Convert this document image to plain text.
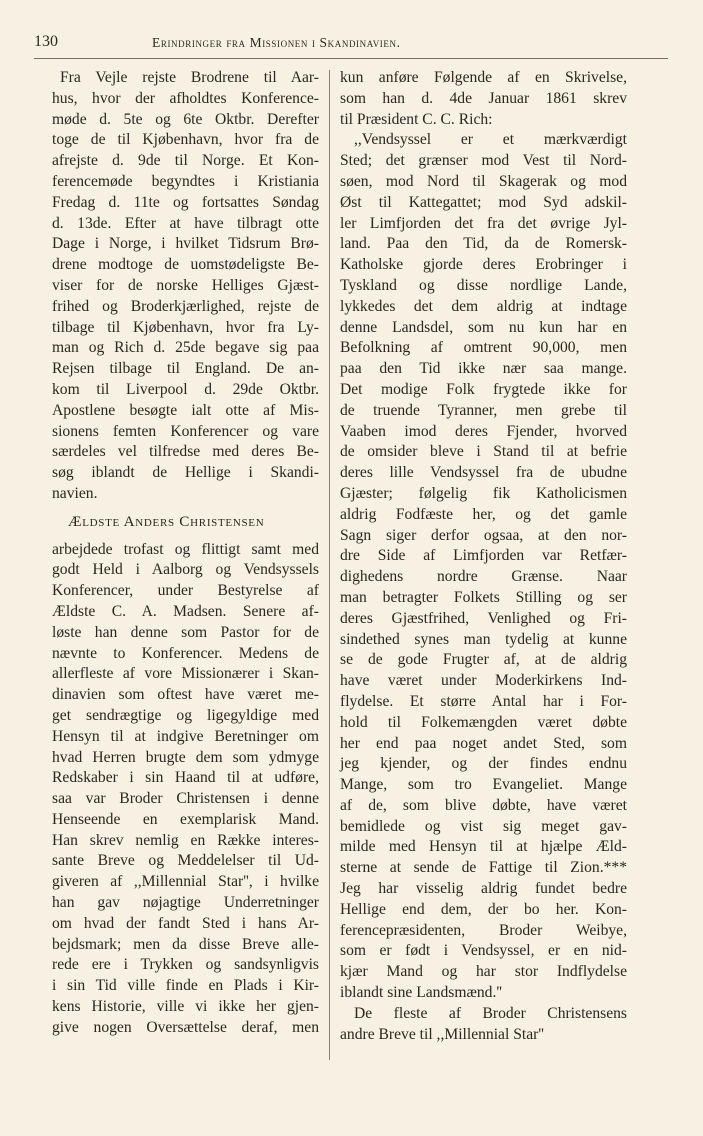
130	Erindringer fra Missionen i Skandinavien.
Fra Vejle rejste Brodrene til Aar-
hus, hvor der afholdtes Konference-
møde d. 5te og 6te Oktbr. Derefter
toge de til Kjøbenhavn, hvor fra de
afrejste d. 9de til Norge. Et Kon-
ferencemøde begyndtes i Kristiania
Fredag d. 11te og fortsattes Søndag
d. 13de. Efter at have tilbragt otte
Dage i Norge, i hvilket Tidsrum Brø-
drene modtoge de uomstødeligste Be-
viser for de norske Helliges Gjæst-
frihed og Broderkjærlighed, rejste de
tilbage til Kjøbenhavn, hvor fra Ly-
man og Rich d. 25de begave sig paa
Rejsen tilbage til England. De an-
kom til Liverpool d. 29de Oktbr.
Apostlene besøgte ialt otte af Mis-
sionens femten Konferencer og vare
særdeles vel tilfredse med deres Be-
søg iblandt de Hellige i Skandi-
navien.
Ældste Anders Christensen
arbejdede trofast og flittigt samt med
godt Held i Aalborg og Vendsyssels
Konferencer, under Bestyrelse af
Ældste C. A. Madsen. Senere af-
løste han denne som Pastor for de
nævnte to Konferencer. Medens de
allerfleste af vore Missionærer i Skan-
dinavien som oftest have været me-
get sendrægtige og ligegyldige med
Hensyn til at indgive Beretninger om
hvad Herren brugte dem som ydmyge
Redskaber i sin Haand til at udføre,
saa var Broder Christensen i denne
Henseende en exemplarisk Mand.
Han skrev nemlig en Række interes-
sante Breve og Meddelelser til Ud-
giveren af ,,Millennial Star'', i hvilke
han gav nøjagtige Underretninger
om hvad der fandt Sted i hans Ar-
bejdsmark; men da disse Breve alle-
rede ere i Trykken og sandsynligvis
i sin Tid ville finde en Plads i Kir-
kens Historie, ville vi ikke her gjen-
give nogen Oversættelse deraf, men
kun anføre Følgende af en Skrivelse,
som han d. 4de Januar 1861 skrev
til Præsident C. C. Rich:
,,Vendsyssel er et mærkværdigt
Sted; det grænser mod Vest til Nord-
søen, mod Nord til Skagerak og mod
Øst til Kattegattet; mod Syd adskil-
ler Limfjorden det fra det øvrige Jyl-
land. Paa den Tid, da de Romersk-
Katholske gjorde deres Erobringer i
Tyskland og disse nordlige Lande,
lykkedes det dem aldrig at indtage
denne Landsdel, som nu kun har en
Befolkning af omtrent 90,000, men
paa den Tid ikke nær saa mange.
Det modige Folk frygtede ikke for
de truende Tyranner, men grebe til
Vaaben imod deres Fjender, hvorved
de omsider bleve i Stand til at befrie
deres lille Vendsyssel fra de ubudne
Gjæster; følgelig fik Katholicismen
aldrig Fodfæste her, og det gamle
Sagn siger derfor ogsaa, at den nor-
dre Side af Limfjorden var Retfær-
dighedens nordre Grænse. Naar
man betragter Folkets Stilling og ser
deres Gjæstfrihed, Venlighed og Fri-
sindethed synes man tydelig at kunne
se de gode Frugter af, at de aldrig
have været under Moderkirkens Ind-
flydelse. Et større Antal har i For-
hold til Folkemængden været døbte
her end paa noget andet Sted, som
jeg kjender, og der findes endnu
Mange, som tro Evangeliet. Mange
af de, som blive døbte, have været
bemidlede og vist sig meget gav-
milde med Hensyn til at hjælpe Æld-
sterne at sende de Fattige til Zion.***
Jeg har visselig aldrig fundet bedre
Hellige end dem, der bo her. Kon-
ferencepræsidenten, Broder Weibye,
som er født i Vendsyssel, er en nid-
kjær Mand og har stor Indflydelse
iblandt sine Landsmænd.''
De fleste af Broder Christensens
andre Breve til ,,Millennial Star''
